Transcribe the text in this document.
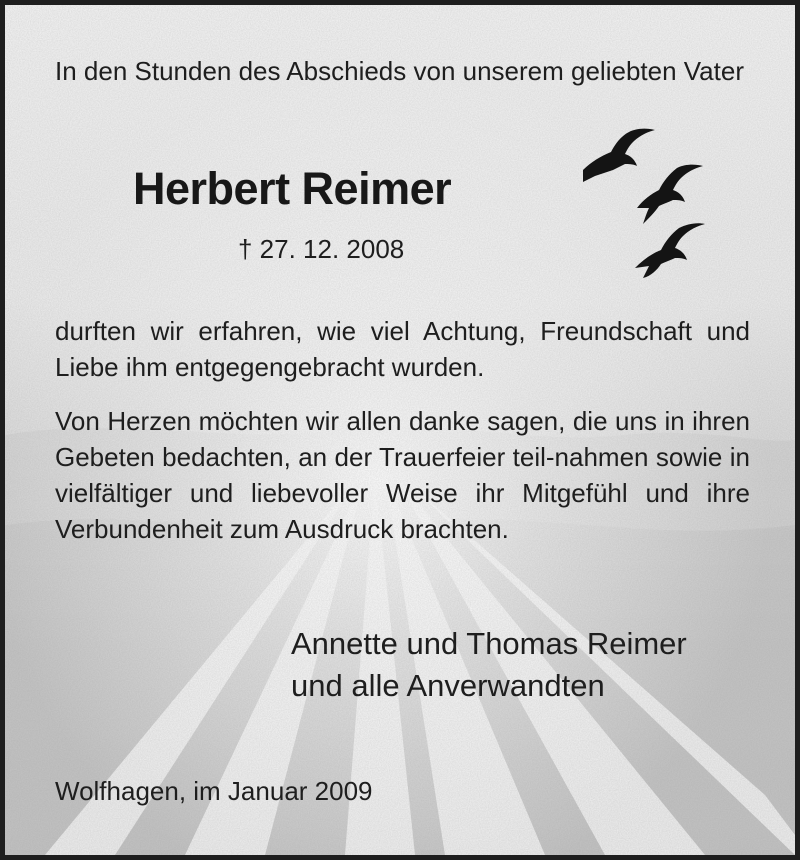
In den Stunden des Abschieds von unserem geliebten Vater
Herbert Reimer
† 27. 12. 2008
durften wir erfahren, wie viel Achtung, Freundschaft und Liebe ihm entgegengebracht wurden.
Von Herzen möchten wir allen danke sagen, die uns in ihren Gebeten bedachten, an der Trauerfeier teil-nahmen sowie in vielfältiger und liebevoller Weise ihr Mitgefühl und ihre Verbundenheit zum Ausdruck brachten.
Annette und Thomas Reimer
und alle Anverwandten
Wolfhagen, im Januar 2009
